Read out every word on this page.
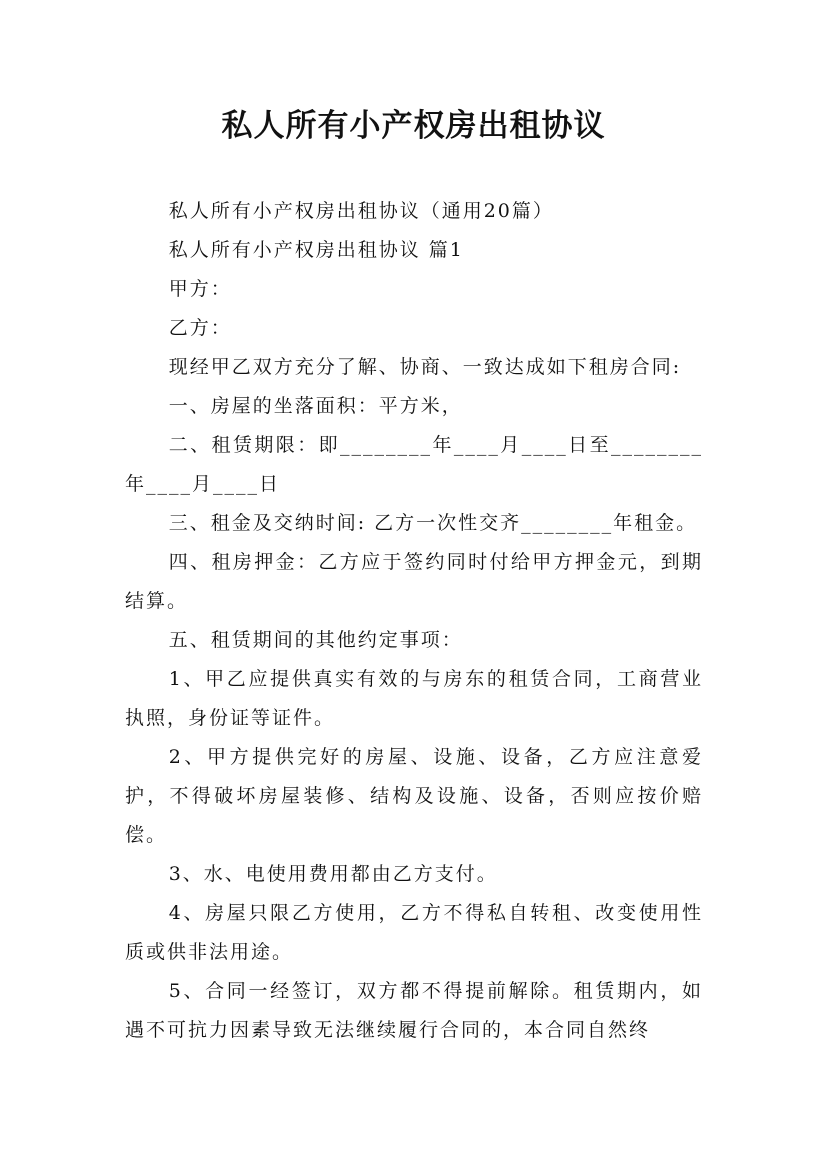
私人所有小产权房出租协议

私人所有小产权房出租协议（通用20篇）

私人所有小产权房出租协议 篇1

甲方：

乙方：

现经甲乙双方充分了解、协商、一致达成如下租房合同:

一、房屋的坐落面积：平方米，

二、租赁期限：即________年____月____日至________年____月____日

三、租金及交纳时间: 乙方一次性交齐________年租金。

四、租房押金：乙方应于签约同时付给甲方押金元，到期结算。

五、租赁期间的其他约定事项：

1、甲乙应提供真实有效的与房东的租赁合同，工商营业执照，身份证等证件。

2、甲方提供完好的房屋、设施、设备，乙方应注意爱护，不得破坏房屋装修、结构及设施、设备，否则应按价赔偿。

3、水、电使用费用都由乙方支付。

4、房屋只限乙方使用，乙方不得私自转租、改变使用性质或供非法用途。

5、合同一经签订，双方都不得提前解除。租赁期内，如遇不可抗力因素导致无法继续履行合同的，本合同自然终
